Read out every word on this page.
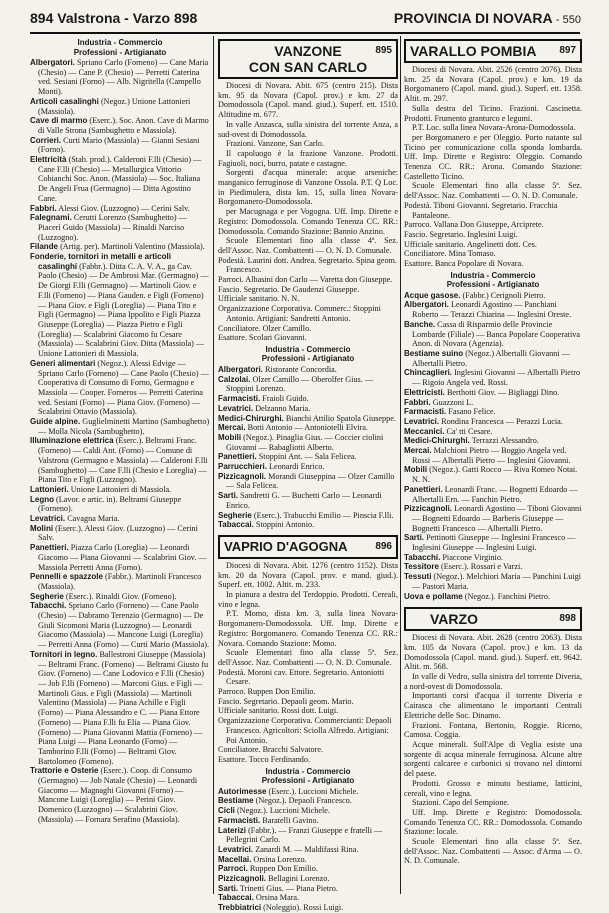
894 Valstrona - Varzo 898	PROVINCIA DI NOVARA - 550
Industria - Commercio
Professioni - Artigianato

Albergatori. Spriano Carlo (Forneno) — Cane Maria (Chesio) — Cane P. (Chesio) — Perretti Caterina ved. Sesiani (Forno) — Alb. Nigritella (Campello Monti).

Articoli casalinghi (Negoz.) Unione Lattonieri (Massiola).

Cave di marmo (Eserc.). Soc. Anon. Cave di Marmo di Valle Strona (Sambughetto e Massiola).

Corrieri. Curti Mario (Massiola) — Gianni Sesiani (Forno).

Elettricità (Stab. prod.). Calderoni F.lli (Chesio) — Cane F.lli (Chesio) — Metallurgica Vittorio Cobianchi Soc. Anon. (Massiola) — Soc. Italiana De Angeli Frua (Germagno) — Ditta Agostino Cane.

Fabbri. Alessi Giov. (Luzzogno) — Cerini Salv.

Falegnami. Cerutti Lorenzo (Sambughetto) — Piacerì Guido (Massiola) — Rinaldi Narciso (Luzzogno).

Filande (Artig. per). Martinoli Valentino (Massiola).

Fonderie, tornitori in metalli e articoli casalinghi (Fabbr.). Ditta C. A. V. A., ga Cav. Paolo (Chesio) — De Ambrosi Mar. (Germagno) — De Giorgi F.lli (Germagno) — Martinoli Giov. e F.lli (Forneno) — Piana Gauden. e Figli (Forneno) — Piana Giov. e Figli (Loreglia) — Piana Tito e Figli (Germagno) — Piana Ippolito e Figli Piazza Giuseppe (Loreglia) — Piazza Pietro e Figli (Loreglia) — Scalabrini Giacomo fu Cesare (Massiola) — Scalabrini Giov. Ditta (Massiola) — Unione Lattonieri di Massiola.

Generi alimentari (Negoz.). Alessi Edvige — Spriano Carlo (Forneno) — Cane Paolo (Chesio) — Cooperativa di Consumo di Forno, Germagno e Massiola — Cooper. Forneros — Perretti Caterina ved. Sesiani (Forno) — Piana Giov. (Forneno) — Scalabrini Ottavio (Massiola).

Guide alpine. Guglielminetti Martino (Sambughetto) — Molla Nicola (Sambughetto).

Illuminazione elettrica (Eserc.). Beltrami Franc. (Forneno) — Caldi Ant. (Forno) — Comune di Valstrona (Germagno e Massiola) — Calderoni F.lli (Sambughetto) — Cane F.lli (Chesio e Loreglia) — Piana Tito e Figli (Luzzogno).

Lattonieri. Unione Lattonieri di Massiola.

Legno (Lavor. e artic. in). Beltrami Giuseppe (Forneno).

Levatrici. Cavagna Maria.

Molini (Eserc.). Alessi Giov. (Luzzogno) — Cerini Salv.

Panettieri. Piazza Carlo (Loreglia) — Leonardi Giacomo — Piana Giovanni — Scalabrini Giov. — Massiola Perretti Anna (Forno).

Pennelli e spazzole (Fabbr.). Martinoli Francesco (Massiola).

Segherie (Eserc.). Rinaldi Giov. (Forneno).

Tabacchi. Spriano Carlo (Forneno) — Cane Paolo (Chesio) — Dabramo Terenzio (Germagno) — De Giuli Sicomoni Maria (Luzzogno) — Leonardi Giacomo (Massiola) — Mancone Luigi (Loreglia) — Perretti Anna (Forno) — Curti Mario (Massiola).

Tornitori in legno. Ballestroni Giuseppe (Massiola) — Beltrami Franc. (Forneno) — Beltrami Giusto fu Giov. (Forneno) — Cane Lodovico e F.lli (Chesio) — Job F.lli (Forneno) — Marconi Gius. e Figli — Martinoli Gius. e Figli (Massiola) — Martinoli Valentino (Massiola) — Piana Achille e Figli (Forno) — Piana Alessandro e C. — Piana Ettore (Forneno) — Piana F.lli fu Elia — Piana Giov. (Forneno) — Piana Giovanni Mattia (Forneno) — Piana Luigi — Piana Leonardo (Forno) — Tamborino F.lli (Forno) — Beltrami Giov. Bartolomeo (Forneno).

Trattorie e Osterie (Eserc.). Coop. di Consumo (Germagno) — Job Natale (Chesio) — Leonardi Giacomo — Magnaghi Giovanni (Forno) — Mancone Luigi (Loreglia) — Perini Giov. Domenico (Luzzogno) — Scalabrini Giov. (Massiola) — Fornara Serafino (Massiola).

VANZONE
CON SAN CARLO
895

Diocesi di Novara. Abit. 675 (centro 215). Dista km. 95 da Novara (Capol. prov.) e km. 27 da Domodossola (Capol. mand. giud.). Superf. ett. 1510. Altitudine m. 677.

In valle Anzasca, sulla sinistra del torrente Anza, a sud-ovest di Domodossola.

Frazioni. Vanzone, San Carlo.

Il capoluogo è la frazione Vanzone. Prodotti. Fagiuoli, noci, burro, patate e castagne.

Sorgenti d'acqua minerale: acque arseniche: manganico ferruginose di Vanzone Ossola. P.T. Q Loc. in Piedimulera, dista km. 15, sulla linea Novara-Borgomanero-Domodossola.

per Macugnaga e per Vogogna. Uff. Imp. Dirette e Registro: Domodossola. Comando Tenenza CC. RR.: Domodossola. Comando Stazione: Bannio Anzino.

Scuole Elementari fino alla classe 4ª. Sez. dell'Assoc. Naz. Combattenti — O. N. D. Comunale.

Podestà. Laurini dott. Andrea. Segretario. Spina geom. Francesco.

Parroci. Albasini don Carlo — Varetta don Giuseppe.

Fascio. Segretario. De Gaudenzi Giuseppe.

Ufficiale sanitario. N. N.

Organizzazione Corporativa. Commerc.: Stoppini Antonio. Artigiani: Sandretti Antonio.

Conciliatore. Olzer Camillo.

Esattore. Scolari Giovanni.

Industria - Commercio
Professioni - Artigianato

Albergatori. Ristorante Concordia.

Calzolai. Olzer Camillo — Oberolfer Gius. — Stoppini Lorenzo.

Farmacisti. Fraioli Guido.

Levatrici. Delzanno Maria.

Medici-Chirurghi. Bianchi Attilio Spatola Giuseppe.

Mercai. Botti Antonio — Antoniotelli Elvira.

Mobili (Negoz.). Pinaglia Gius. — Coccier ciolini Giovanni — Rabagliotti Alberto.

Panettieri. Stoppini Ant. — Sala Felicea.

Parrucchieri. Leonardi Enrico.

Pizzicagnoli. Morandi Giuseppina — Olzer Camillo — Sala Felicea.

Sarti. Sandretti G. — Buchetti Carlo — Leonardi Enrico.

Segherie (Eserc.). Trabucchi Emilio — Pinscia F.lli.

Tabaccai. Stoppini Antonio.

VAPRIO D'AGOGNA	896

Diocesi di Novara. Abit. 1276 (centro 1152). Dista km. 20 da Novara (Capol. prov. e mand. giud.). Superf. ett. 1002. Altit. m. 233.

In pianura a destra del Terdoppio. Prodotti. Cereali, vino e legna.

P.T. Momo, dista km. 3, sulla linea Novara-Borgomanero-Domodossola. Uff. Imp. Dirette e Registro: Borgomanero. Comando Tenenza CC. RR.: Novara. Comando Stazione: Momo.

Scuole Elementari fino alla classe 5ª. Sez. dell'Assoc. Naz. Combattenti — O. N. D. Comunale.

Podestà. Moroni cav. Ettore. Segretario. Antoniotti Cesare.

Parroco. Ruppen Don Emilio.

Fascio. Segretario. Depaoli geom. Mario.

Ufficiale sanitario. Rossi dott. Luigi.

Organizzazione Corporativa. Commercianti: Depaoli Francesco. Agricoltori: Sciolla Alfredo. Artigiani: Poi Antonio.

Conciliatore. Bracchi Salvatore.

Esattore. Tocco Ferdinando.

Industria - Commercio
Professioni - Artigianato

Autorimesse (Eserc.). Luccioni Michele.

Bestiame (Negoz.). Depaoli Francesco.

Cicli (Negoz.). Luccioni Michele.

Farmacisti. Baratelli Gavino.

Laterizi (Fabbr.). — Franzi Giuseppe e fratelli — Pellegrini Carlo.

Levatrici. Zanardi M. — Maldifassi Rina.

Macellai. Orsina Lorenzo.

Parroci. Ruppen Don Emilio.

Pizzicagnoli. Bellagini Lorenzo.

Sarti. Trinetti Gius. — Piana Pietro.

Tabaccai. Orsina Mara.

Trebbiatrici (Noleggio). Rossi Luigi.

VARALLO POMBIA	897

Diocesi di Novara. Abit. 2526 (centro 2076). Dista km. 25 da Novara (Capol. prov.) e km. 19 da Borgomanero (Capol. mand. giud.). Superf. ett. 1358. Altit. m. 297.

Sulla destra del Ticino. Frazioni. Cascinetta. Prodotti. Frumento granturco e legumi.

P.T. Loc. sulla linea Novara-Arona-Domodossola.

per Borgomanero e per Oleggio. Porto natante sul Ticino per comunicazione colla sponda lombarda. Uff. Imp. Dirette e Registro: Oleggio. Comando Tenenza CC. RR.: Arona. Comando Stazione: Castelletto Ticino.

Scuole Elementari fino alla classe 5ª. Sez. dell'Assoc. Naz. Combattenti — O. N. D. Comunale.

Podestà. Tiboni Giovanni. Segretario. Fracchia Pantaleone.

Parroco. Vallana Don Giuseppe, Arciprete.

Fascio. Segretario. Inglesini Luigi.

Ufficiale sanitario. Angelinetti dott. Ces.

Conciliatore. Mina Tomaso.

Esattore. Banca Popolare di Novara.

Industria - Commercio
Professioni - Artigianato

Acque gasose. (Fabbr.) Cerignoli Pietro.

Albergatori. Leonardi Agostino — Panchiani Roberto — Terazzi Chiarina — Inglesini Oreste.

Banche. Cassa di Risparmio delle Provincie Lombarde (Filiale) — Banca Popolare Cooperativa Anon. di Novara (Agenzia).

Bestiame suino (Negoz.) Albertalli Giovanni — Albertalli Pietro.

Chincaglieri. Inglesini Giovanni — Albertalli Pietro — Rigoio Angela ved. Rossi.

Elettricisti. Berthotti Giov. — Bigliaggi Dino.

Fabbri. Guazzoni L.

Farmacisti. Fasano Felice.

Levatrici. Rondina Francesca — Perazzi Lucia.

Meccanici. Ca' tti Cesare.

Medici-Chirurghi. Terrazzi Alessandro.

Mercai. Malchioni Pietro — Boggio Angela ved. Rossi — Albertalli Pietro — Inglesini Giovanni.

Mobili (Negoz.). Gatti Rocco — Riva Romeo Notai. N. N.

Panettieri. Leonardi Franc. — Bognetti Edoardo — Albertalli Ern. — Fanchin Pietro.

Pizzicagnoli. Leonardi Agostino — Tiboni Giovanni — Bognetti Edoardo — Barberis Giuseppe — Bognetti Francesco — Albertalli Pietro.

Sarti. Pettinotti Giuseppe — Inglesini Francesco — Inglesini Giuseppe — Inglesini Luigi.

Tabacchi. Piaccone Virginio.

Tessitore (Eserc.). Rossari e Varzi.

Tessuti (Negoz.). Melchiori Maria — Panchini Luigi — Pastori Maria.

Uova e pollame (Negoz.). Fanchini Pietro.

VARZO	898

Diocesi di Novara. Abit. 2628 (centro 2063). Dista km. 105 da Novara (Capol. prov.) e km. 13 da Domodossola (Capol. mand. giud.). Superf. ett. 9642. Altit. m. 568.

In valle di Vedro, sulla sinistra del torrente Diveria, a nord-ovest di Domodossola.

Importanti corsi d'acqua il torrente Diveria e Cairasca che alimentano le importanti Centrali Elettriche delle Soc. Dinamo.

Frazioni. Fontana, Bertonio, Roggie. Riceno, Camosa. Coggia.

Acque minerali. Sull'Alpe di Veglia esiste una sorgente di acqua minerale ferruginosa. Alcune altre sorgenti calcaree e carbonici si trovano nel dintorni del paese.

Prodotti. Grosso e minuto bestiame, latticini, cereali, vino e legna.

Stazioni. Capo del Sempione.

Uff. Imp. Dirette e Registro: Domodossola. Comando Tenenza CC. RR.: Domodossola. Comando Stazione: locale.

Scuole Elementari fino alla classe 5ª. Sez. dell'Assoc. Naz. Combattenti — Assoc. d'Arma — O. N. D. Comunale.
